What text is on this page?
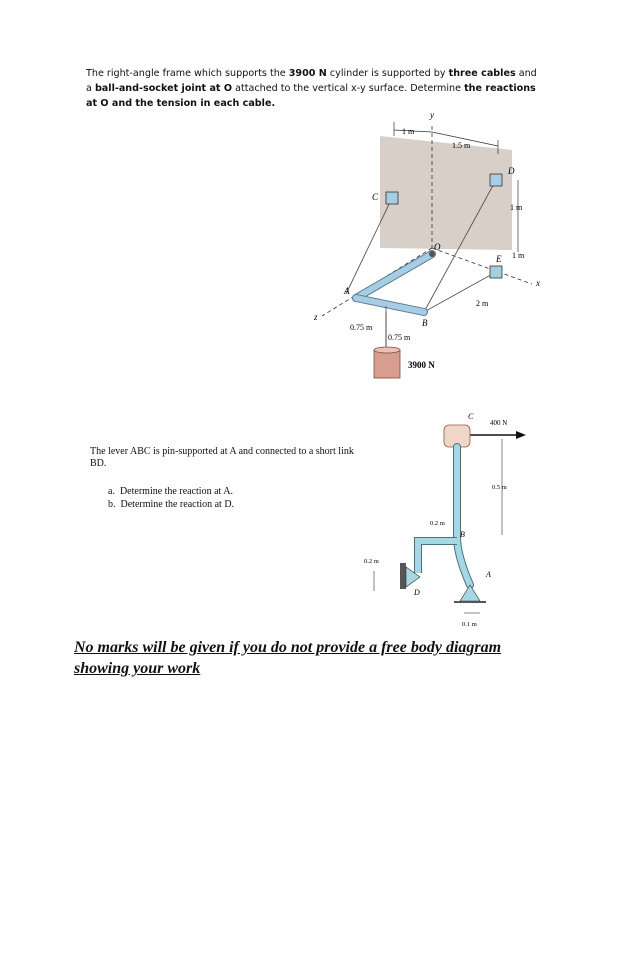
The right-angle frame which supports the 3900 N cylinder is supported by three cables and a ball-and-socket joint at O attached to the vertical x-y surface. Determine the reactions at O and the tension in each cable.
y
x
z
1 m
1.5 m
1 m
1 m
C
D
O
E
A
B
2 m
0.75 m
0.75 m
3900 N
The lever ABC is pin-supported at A and connected to a short link BD.
a. Determine the reaction at A.
b. Determine the reaction at D.
400 N
C
B
D
A
0.5 m
0.2 m
0.2 m
0.1 m
No marks will be given if you do not provide a free body diagram showing your work
